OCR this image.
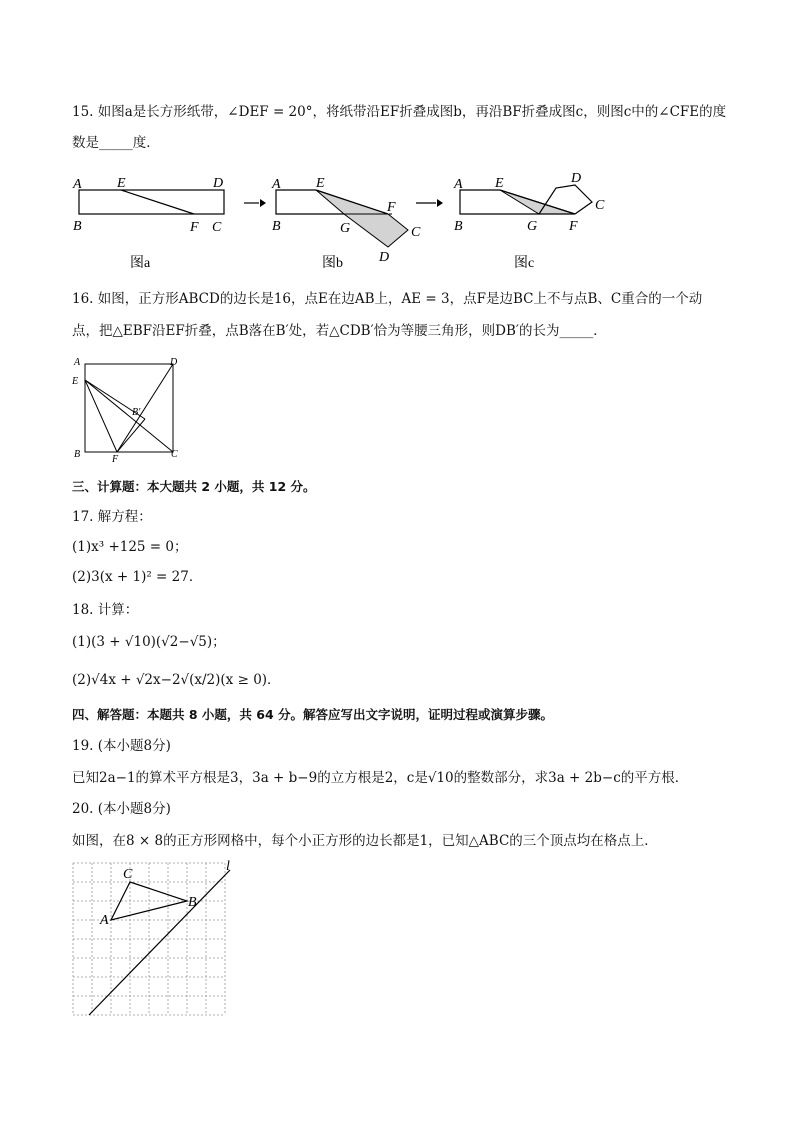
15. 如图a是长方形纸带，∠DEF = 20°，将纸带沿EF折叠成图b，再沿BF折叠成图c，则图c中的∠CFE的度
数是_____度．
A	E	D
B	F C
图a
A	E
F
B	G	C
D
图b
A E	D
C
B	G F
图c
16. 如图，正方形ABCD的边长是16，点E在边AB上，AE = 3，点F是边BC上不与点B、C重合的一个动
点，把△EBF沿EF折叠，点B落在B′处，若△CDB′恰为等腰三角形，则DB′的长为_____．
A	D
E
B′
B	F	C
三、计算题：本大题共 2 小题，共 12 分。
17. 解方程：
(1)x³ +125 = 0；
(2)3(x + 1)² = 27．
18. 计算：
(1)(3 + √10)(√2−√5)；
(2)√4x + √2x−2√(x/2)(x ≥ 0)．
四、解答题：本题共 8 小题，共 64 分。解答应写出文字说明，证明过程或演算步骤。
19. (本小题8分)
已知2a−1的算术平方根是3，3a + b−9的立方根是2，c是√10的整数部分，求3a + 2b−c的平方根．
20. (本小题8分)
如图，在8 × 8的正方形网格中，每个小正方形的边长都是1，已知△ABC的三个顶点均在格点上．
C
B
A
l
